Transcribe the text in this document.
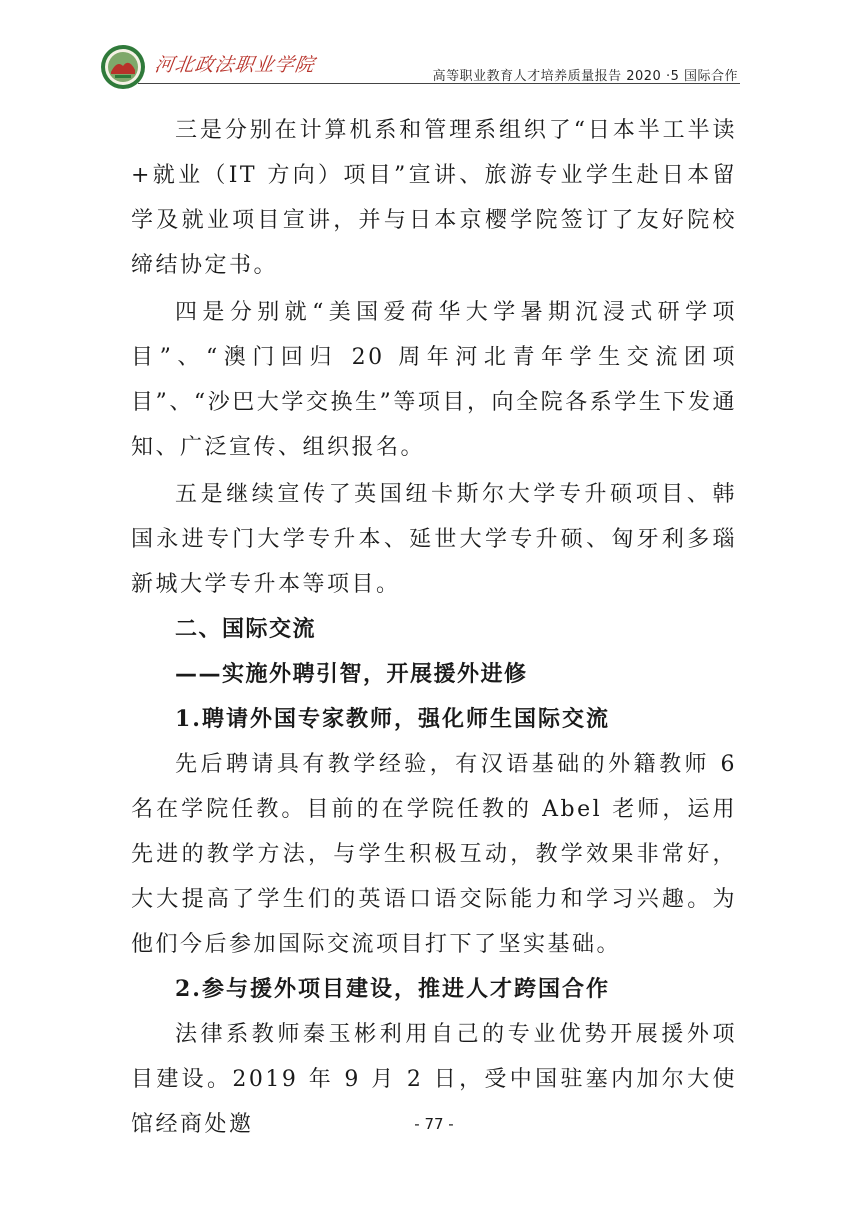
河北政法职业学院
高等职业教育人才培养质量报告 2020 ·5 国际合作

三是分别在计算机系和管理系组织了“日本半工半读+就业（IT 方向）项目”宣讲、旅游专业学生赴日本留学及就业项目宣讲，并与日本京樱学院签订了友好院校缔结协定书。

四是分别就“美国爱荷华大学暑期沉浸式研学项目”、“澳门回归 20 周年河北青年学生交流团项目”、“沙巴大学交换生”等项目，向全院各系学生下发通知、广泛宣传、组织报名。

五是继续宣传了英国纽卡斯尔大学专升硕项目、韩国永进专门大学专升本、延世大学专升硕、匈牙利多瑙新城大学专升本等项目。

二、国际交流

——实施外聘引智，开展援外进修

1.聘请外国专家教师，强化师生国际交流

先后聘请具有教学经验，有汉语基础的外籍教师 6 名在学院任教。目前的在学院任教的 Abel 老师，运用先进的教学方法，与学生积极互动，教学效果非常好，大大提高了学生们的英语口语交际能力和学习兴趣。为他们今后参加国际交流项目打下了坚实基础。

2.参与援外项目建设，推进人才跨国合作

法律系教师秦玉彬利用自己的专业优势开展援外项目建设。2019 年 9 月 2 日，受中国驻塞内加尔大使馆经商处邀	- 77 -
